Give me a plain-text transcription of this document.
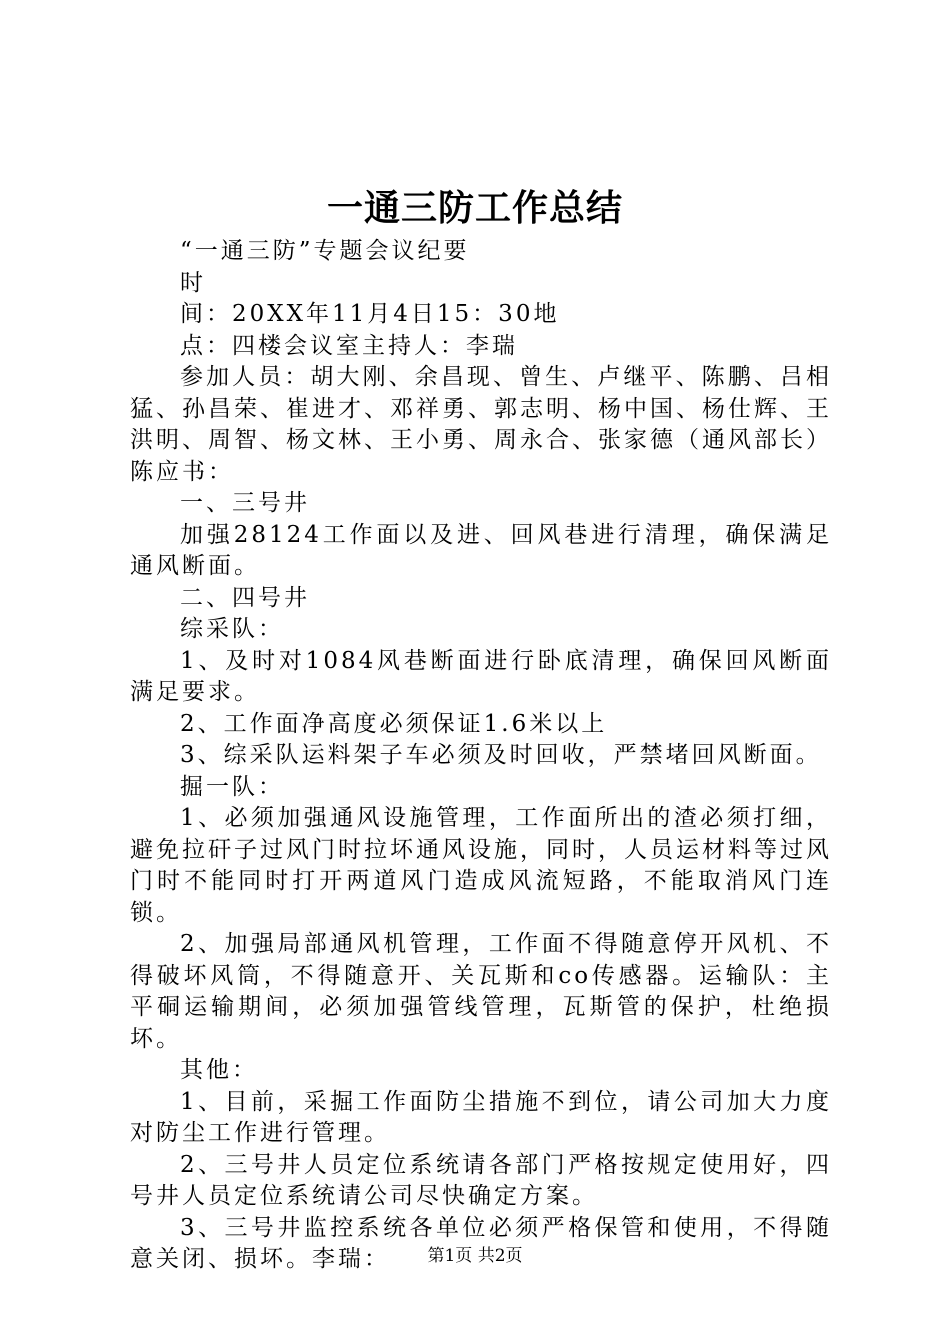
一通三防工作总结

“一通三防”专题会议纪要

时

间：20XX年11月4日15：30地

点：四楼会议室主持人：李瑞

参加人员：胡大刚、余昌现、曾生、卢继平、陈鹏、吕相猛、孙昌荣、崔进才、邓祥勇、郭志明、杨中国、杨仕辉、王洪明、周智、杨文林、王小勇、周永合、张家德（通风部长）陈应书：

一、三号井

加强28124工作面以及进、回风巷进行清理，确保满足通风断面。

二、四号井

综采队：

1、及时对1084风巷断面进行卧底清理，确保回风断面满足要求。

2、工作面净高度必须保证1.6米以上

3、综采队运料架子车必须及时回收，严禁堵回风断面。

掘一队：

1、必须加强通风设施管理，工作面所出的渣必须打细，避免拉矸子过风门时拉坏通风设施，同时，人员运材料等过风门时不能同时打开两道风门造成风流短路，不能取消风门连锁。

2、加强局部通风机管理，工作面不得随意停开风机、不得破坏风筒，不得随意开、关瓦斯和co传感器。运输队：主平硐运输期间，必须加强管线管理，瓦斯管的保护，杜绝损坏。

其他：

1、目前，采掘工作面防尘措施不到位，请公司加大力度对防尘工作进行管理。

2、三号井人员定位系统请各部门严格按规定使用好，四号井人员定位系统请公司尽快确定方案。

3、三号井监控系统各单位必须严格保管和使用，不得随意关闭、损坏。李瑞：	第1页 共2页
